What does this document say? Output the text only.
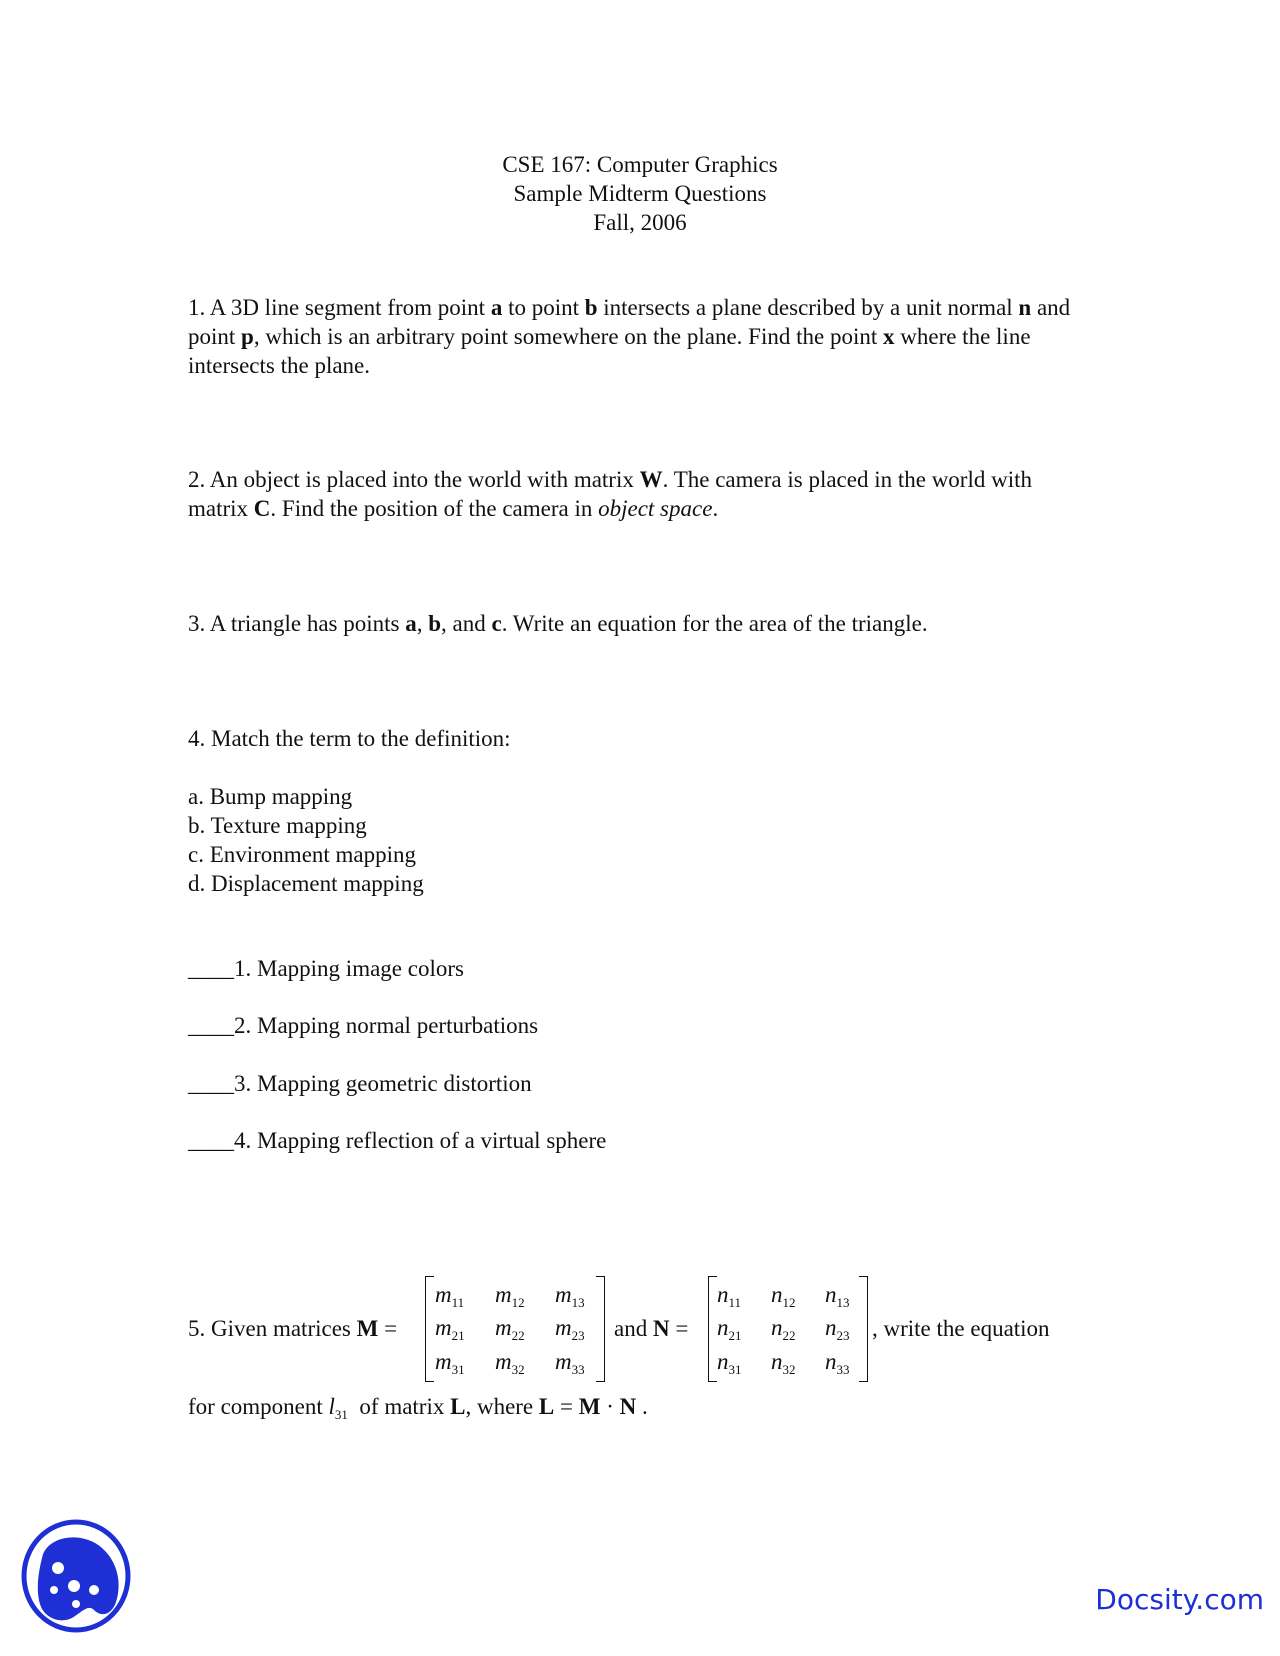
CSE 167: Computer Graphics

Sample Midterm Questions

Fall, 2006

1. A 3D line segment from point a to point b intersects a plane described by a unit normal n and point p, which is an arbitrary point somewhere on the plane. Find the point x where the line intersects the plane.

2. An object is placed into the world with matrix W. The camera is placed in the world with matrix C. Find the position of the camera in object space.

3. A triangle has points a, b, and c. Write an equation for the area of the triangle.

4. Match the term to the definition:

a. Bump mapping

b. Texture mapping

c. Environment mapping

d. Displacement mapping

____1. Mapping image colors

____2. Mapping normal perturbations

____3. Mapping geometric distortion

____4. Mapping reflection of a virtual sphere

5. Given matrices M =

$m_{11}$ $m_{12}$ $m_{13}$
$m_{21}$ $m_{22}$ $m_{23}$
$m_{31}$ $m_{32}$ $m_{33}$

and N =

$n_{11}$ $n_{12}$ $n_{13}$
$n_{21}$ $n_{22}$ $n_{23}$
$n_{31}$ $n_{32}$ $n_{33}$

, write the equation

for component $l_{31}$  of matrix L, where L = M · N .

Docsity.com
